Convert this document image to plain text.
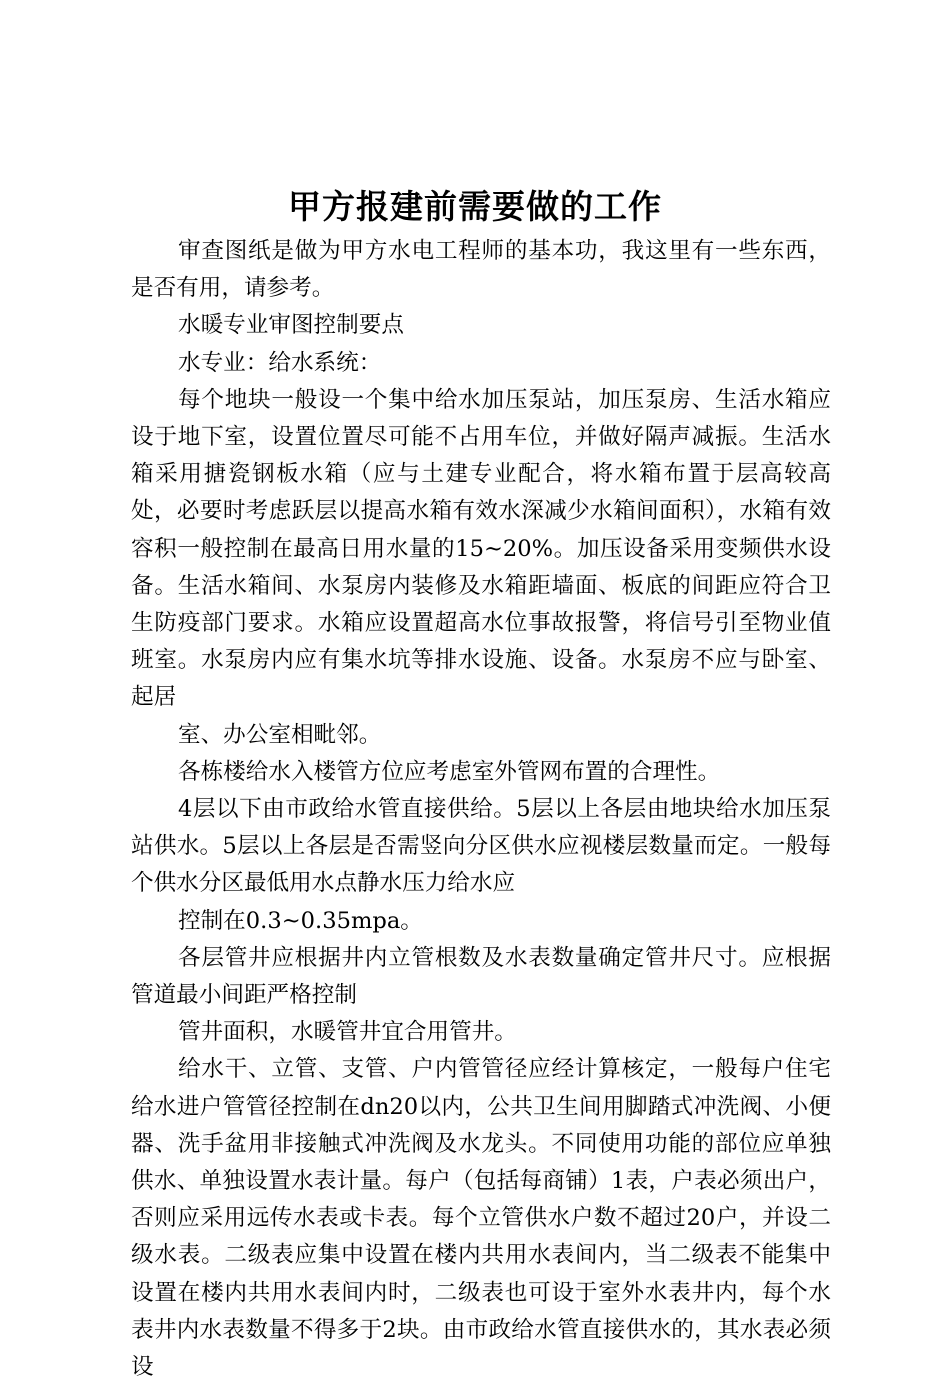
甲方报建前需要做的工作

审查图纸是做为甲方水电工程师的基本功，我这里有一些东西，是否有用，请参考。

水暖专业审图控制要点

水专业：给水系统：

每个地块一般设一个集中给水加压泵站，加压泵房、生活水箱应设于地下室，设置位置尽可能不占用车位，并做好隔声减振。生活水箱采用搪瓷钢板水箱（应与土建专业配合，将水箱布置于层高较高处，必要时考虑跃层以提高水箱有效水深减少水箱间面积），水箱有效容积一般控制在最高日用水量的15~20%。加压设备采用变频供水设备。生活水箱间、水泵房内装修及水箱距墙面、板底的间距应符合卫生防疫部门要求。水箱应设置超高水位事故报警，将信号引至物业值班室。水泵房内应有集水坑等排水设施、设备。水泵房不应与卧室、起居

室、办公室相毗邻。

各栋楼给水入楼管方位应考虑室外管网布置的合理性。

4层以下由市政给水管直接供给。5层以上各层由地块给水加压泵站供水。5层以上各层是否需竖向分区供水应视楼层数量而定。一般每个供水分区最低用水点静水压力给水应

控制在0.3~0.35mpa。

各层管井应根据井内立管根数及水表数量确定管井尺寸。应根据管道最小间距严格控制

管井面积，水暖管井宜合用管井。

给水干、立管、支管、户内管管径应经计算核定，一般每户住宅给水进户管管径控制在dn20以内，公共卫生间用脚踏式冲洗阀、小便器、洗手盆用非接触式冲洗阀及水龙头。不同使用功能的部位应单独供水、单独设置水表计量。每户（包括每商铺）1表，户表必须出户，否则应采用远传水表或卡表。每个立管供水户数不超过20户，并设二级水表。二级表应集中设置在楼内共用水表间内，当二级表不能集中设置在楼内共用水表间内时，二级表也可设于室外水表井内，每个水表井内水表数量不得多于2块。由市政给水管直接供水的，其水表必须设
